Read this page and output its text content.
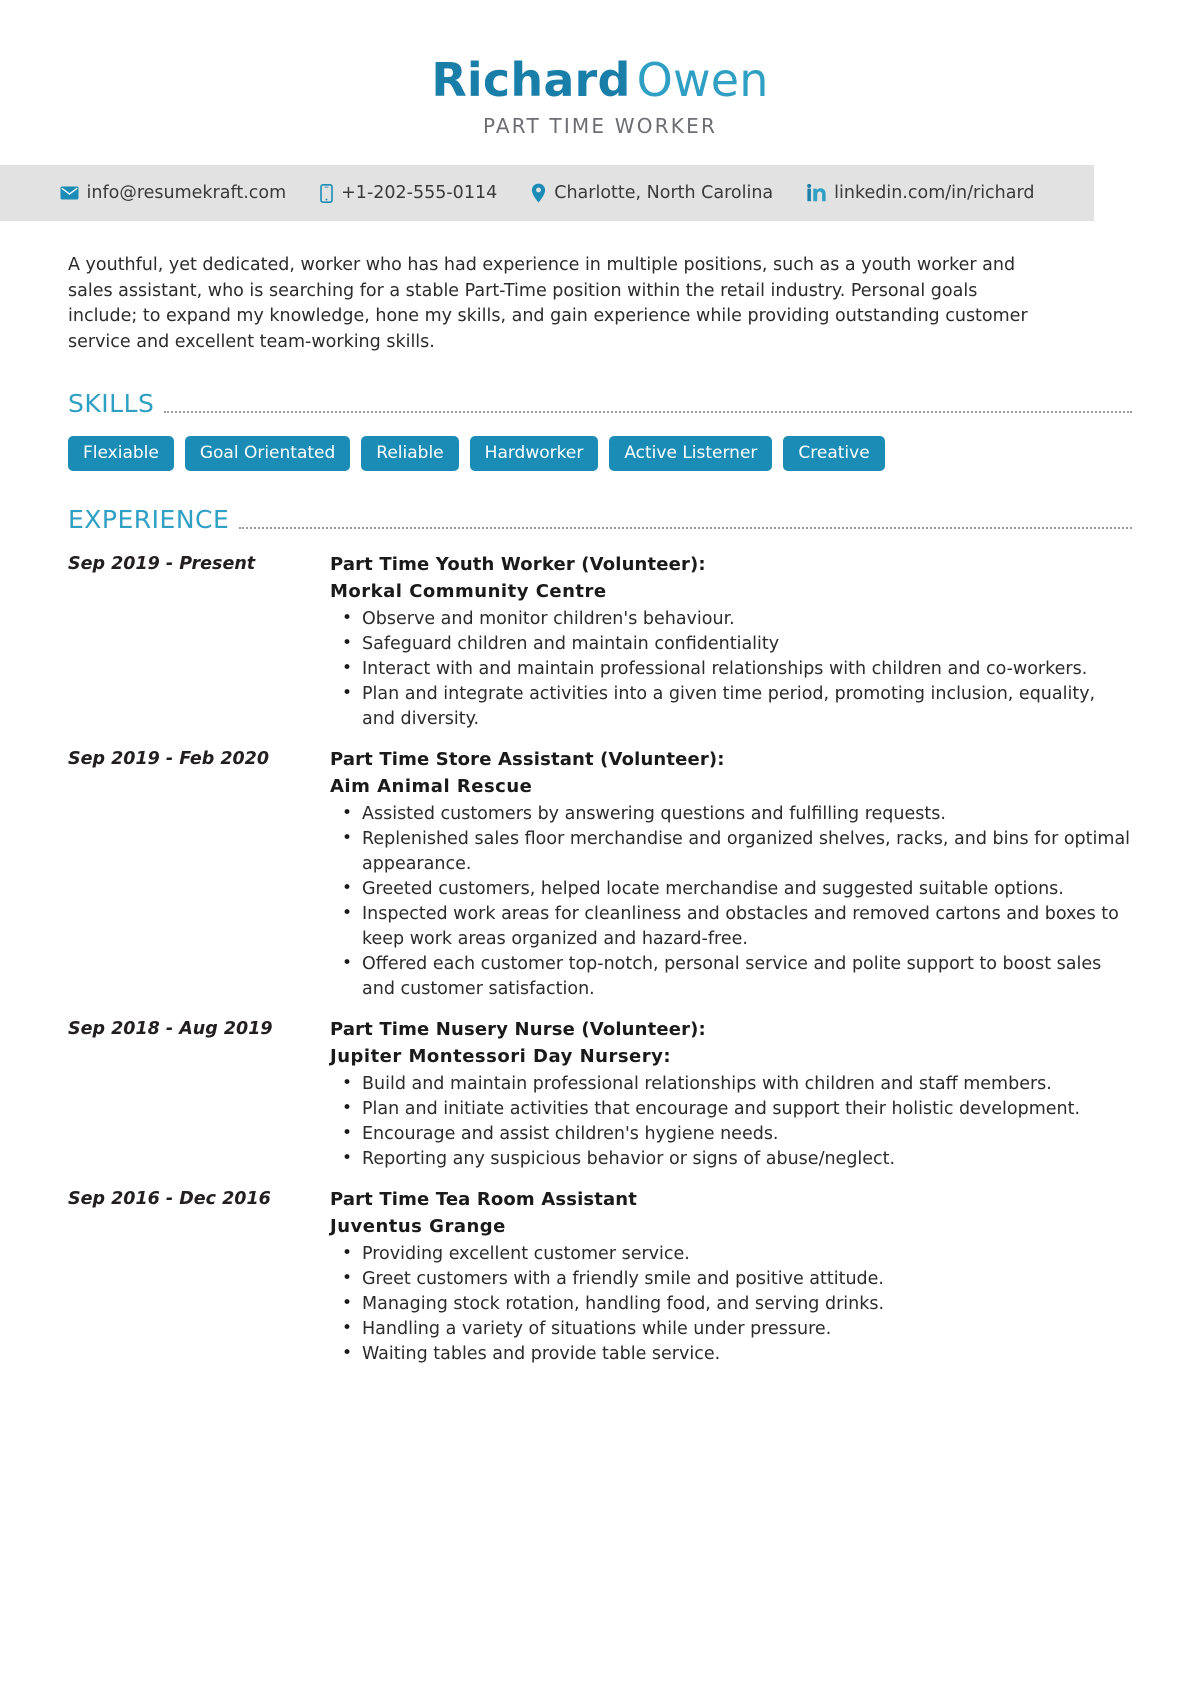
Richard Owen
PART TIME WORKER
info@resumekraft.com	+1-202-555-0114	Charlotte, North Carolina	linkedin.com/in/richard

A youthful, yet dedicated, worker who has had experience in multiple positions, such as a youth worker and sales assistant, who is searching for a stable Part-Time position within the retail industry. Personal goals include; to expand my knowledge, hone my skills, and gain experience while providing outstanding customer service and excellent team-working skills.

SKILLS
Flexiable	Goal Orientated	Reliable	Hardworker	Active Listerner	Creative
EXPERIENCE
Sep 2019 - Present	Part Time Youth Worker (Volunteer):
Morkal Community Centre
• Observe and monitor children's behaviour.
• Safeguard children and maintain confidentiality
• Interact with and maintain professional relationships with children and co-workers.
• Plan and integrate activities into a given time period, promoting inclusion, equality, and diversity.
Sep 2019 - Feb 2020	Part Time Store Assistant (Volunteer):
Aim Animal Rescue
• Assisted customers by answering questions and fulfilling requests.
• Replenished sales floor merchandise and organized shelves, racks, and bins for optimal appearance.
• Greeted customers, helped locate merchandise and suggested suitable options.
• Inspected work areas for cleanliness and obstacles and removed cartons and boxes to keep work areas organized and hazard-free.
• Offered each customer top-notch, personal service and polite support to boost sales and customer satisfaction.
Sep 2018 - Aug 2019	Part Time Nusery Nurse (Volunteer):
Jupiter Montessori Day Nursery:
• Build and maintain professional relationships with children and staff members.
• Plan and initiate activities that encourage and support their holistic development.
• Encourage and assist children's hygiene needs.
• Reporting any suspicious behavior or signs of abuse/neglect.
Sep 2016 - Dec 2016	Part Time Tea Room Assistant
Juventus Grange
• Providing excellent customer service.
• Greet customers with a friendly smile and positive attitude.
• Managing stock rotation, handling food, and serving drinks.
• Handling a variety of situations while under pressure.
• Waiting tables and provide table service.
